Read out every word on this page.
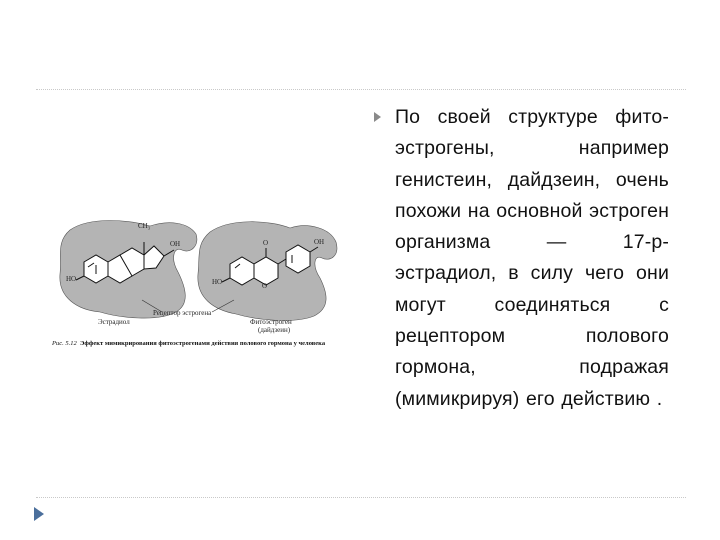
CH₃
OH
HO
OH
O
HO	O
Рецептор эстрогена
Эстрадиол	Фитоэстроген
(дайдзеин)
Рис. 5.12 Эффект мимикрирования фитоэстрогенами действия полового гормона у человека
По своей структуре фито-эстрогены, например генистеин, дайдзеин, очень похожи на основной эстроген организма — 17-р-эстрадиол, в силу чего они могут соединяться с рецептором полового гормона, подражая (мимикрируя) его действию .
